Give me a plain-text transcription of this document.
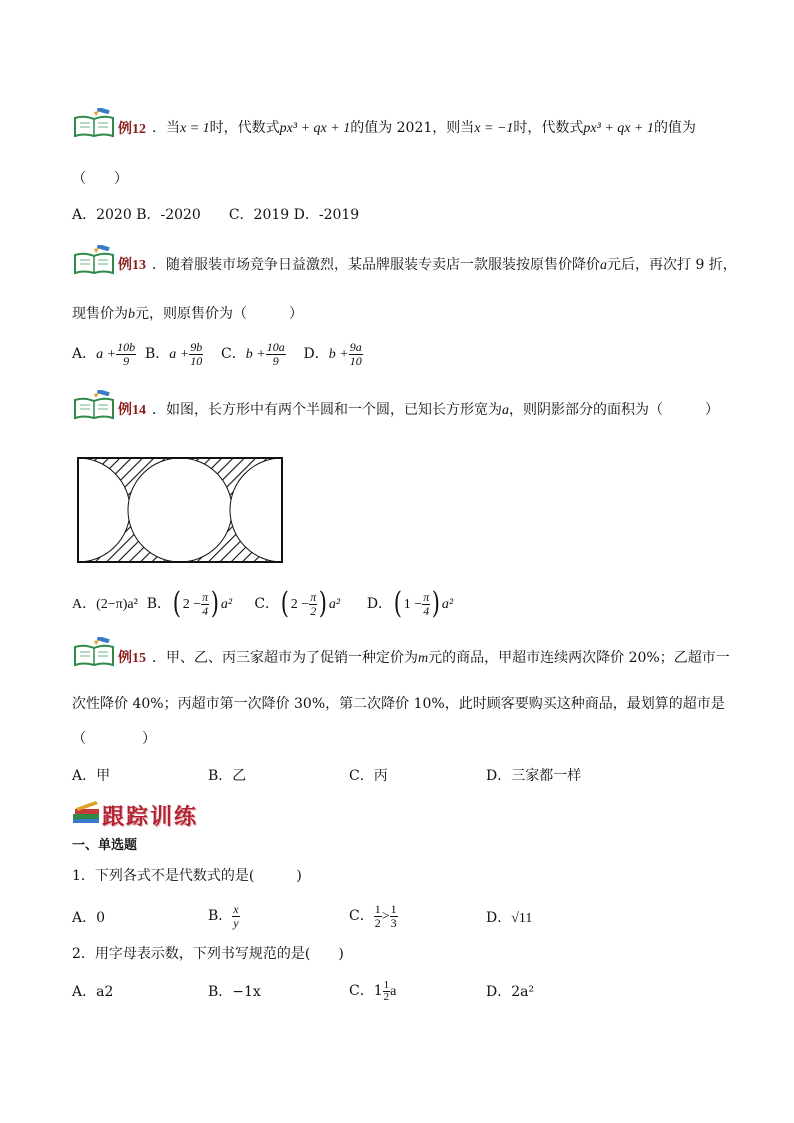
例12 ．当x = 1时，代数式px³ + qx + 1的值为 2021，则当x = −1时，代数式px³ + qx + 1的值为
（　　）
A．2020 B．-2020　　C．2019 D．-2019
例13 ．随着服装市场竞争日益激烈，某品牌服装专卖店一款服装按原售价降价a元后，再次打 9 折，
现售价为b元，则原售价为（　　　）
A．$a + \frac{10b}{9}$ B．$a + \frac{9b}{10}$ C．$b + \frac{10a}{9}$ D．$b + \frac{9a}{10}$
例14 ．如图，长方形中有两个半圆和一个圆，已知长方形宽为a，则阴影部分的面积为（　　　）
A．(2−π)a² B．( $2 - \frac{\pi}{4}$ ) a² C．( $2 - \frac{\pi}{2}$ ) a² D．( $1 - \frac{\pi}{4}$ ) a²
例15 ．甲、乙、丙三家超市为了促销一种定价为m元的商品，甲超市连续两次降价 20%；乙超市一
次性降价 40%；丙超市第一次降价 30%，第二次降价 10%，此时顾客要购买这种商品，最划算的超市是
（　　　　）
A．甲	B．乙	C．丙	D．三家都一样
跟踪训练
一、单选题
1．下列各式不是代数式的是(　　　)
A．0	B． $\frac{x}{y}$	C． $\frac{1}{2} > \frac{1}{3}$	D．√11
2．用字母表示数，下列书写规范的是(　　)
A．a2	B．−1x	C．$1 \frac{1}{2}$ a	D．2a²
